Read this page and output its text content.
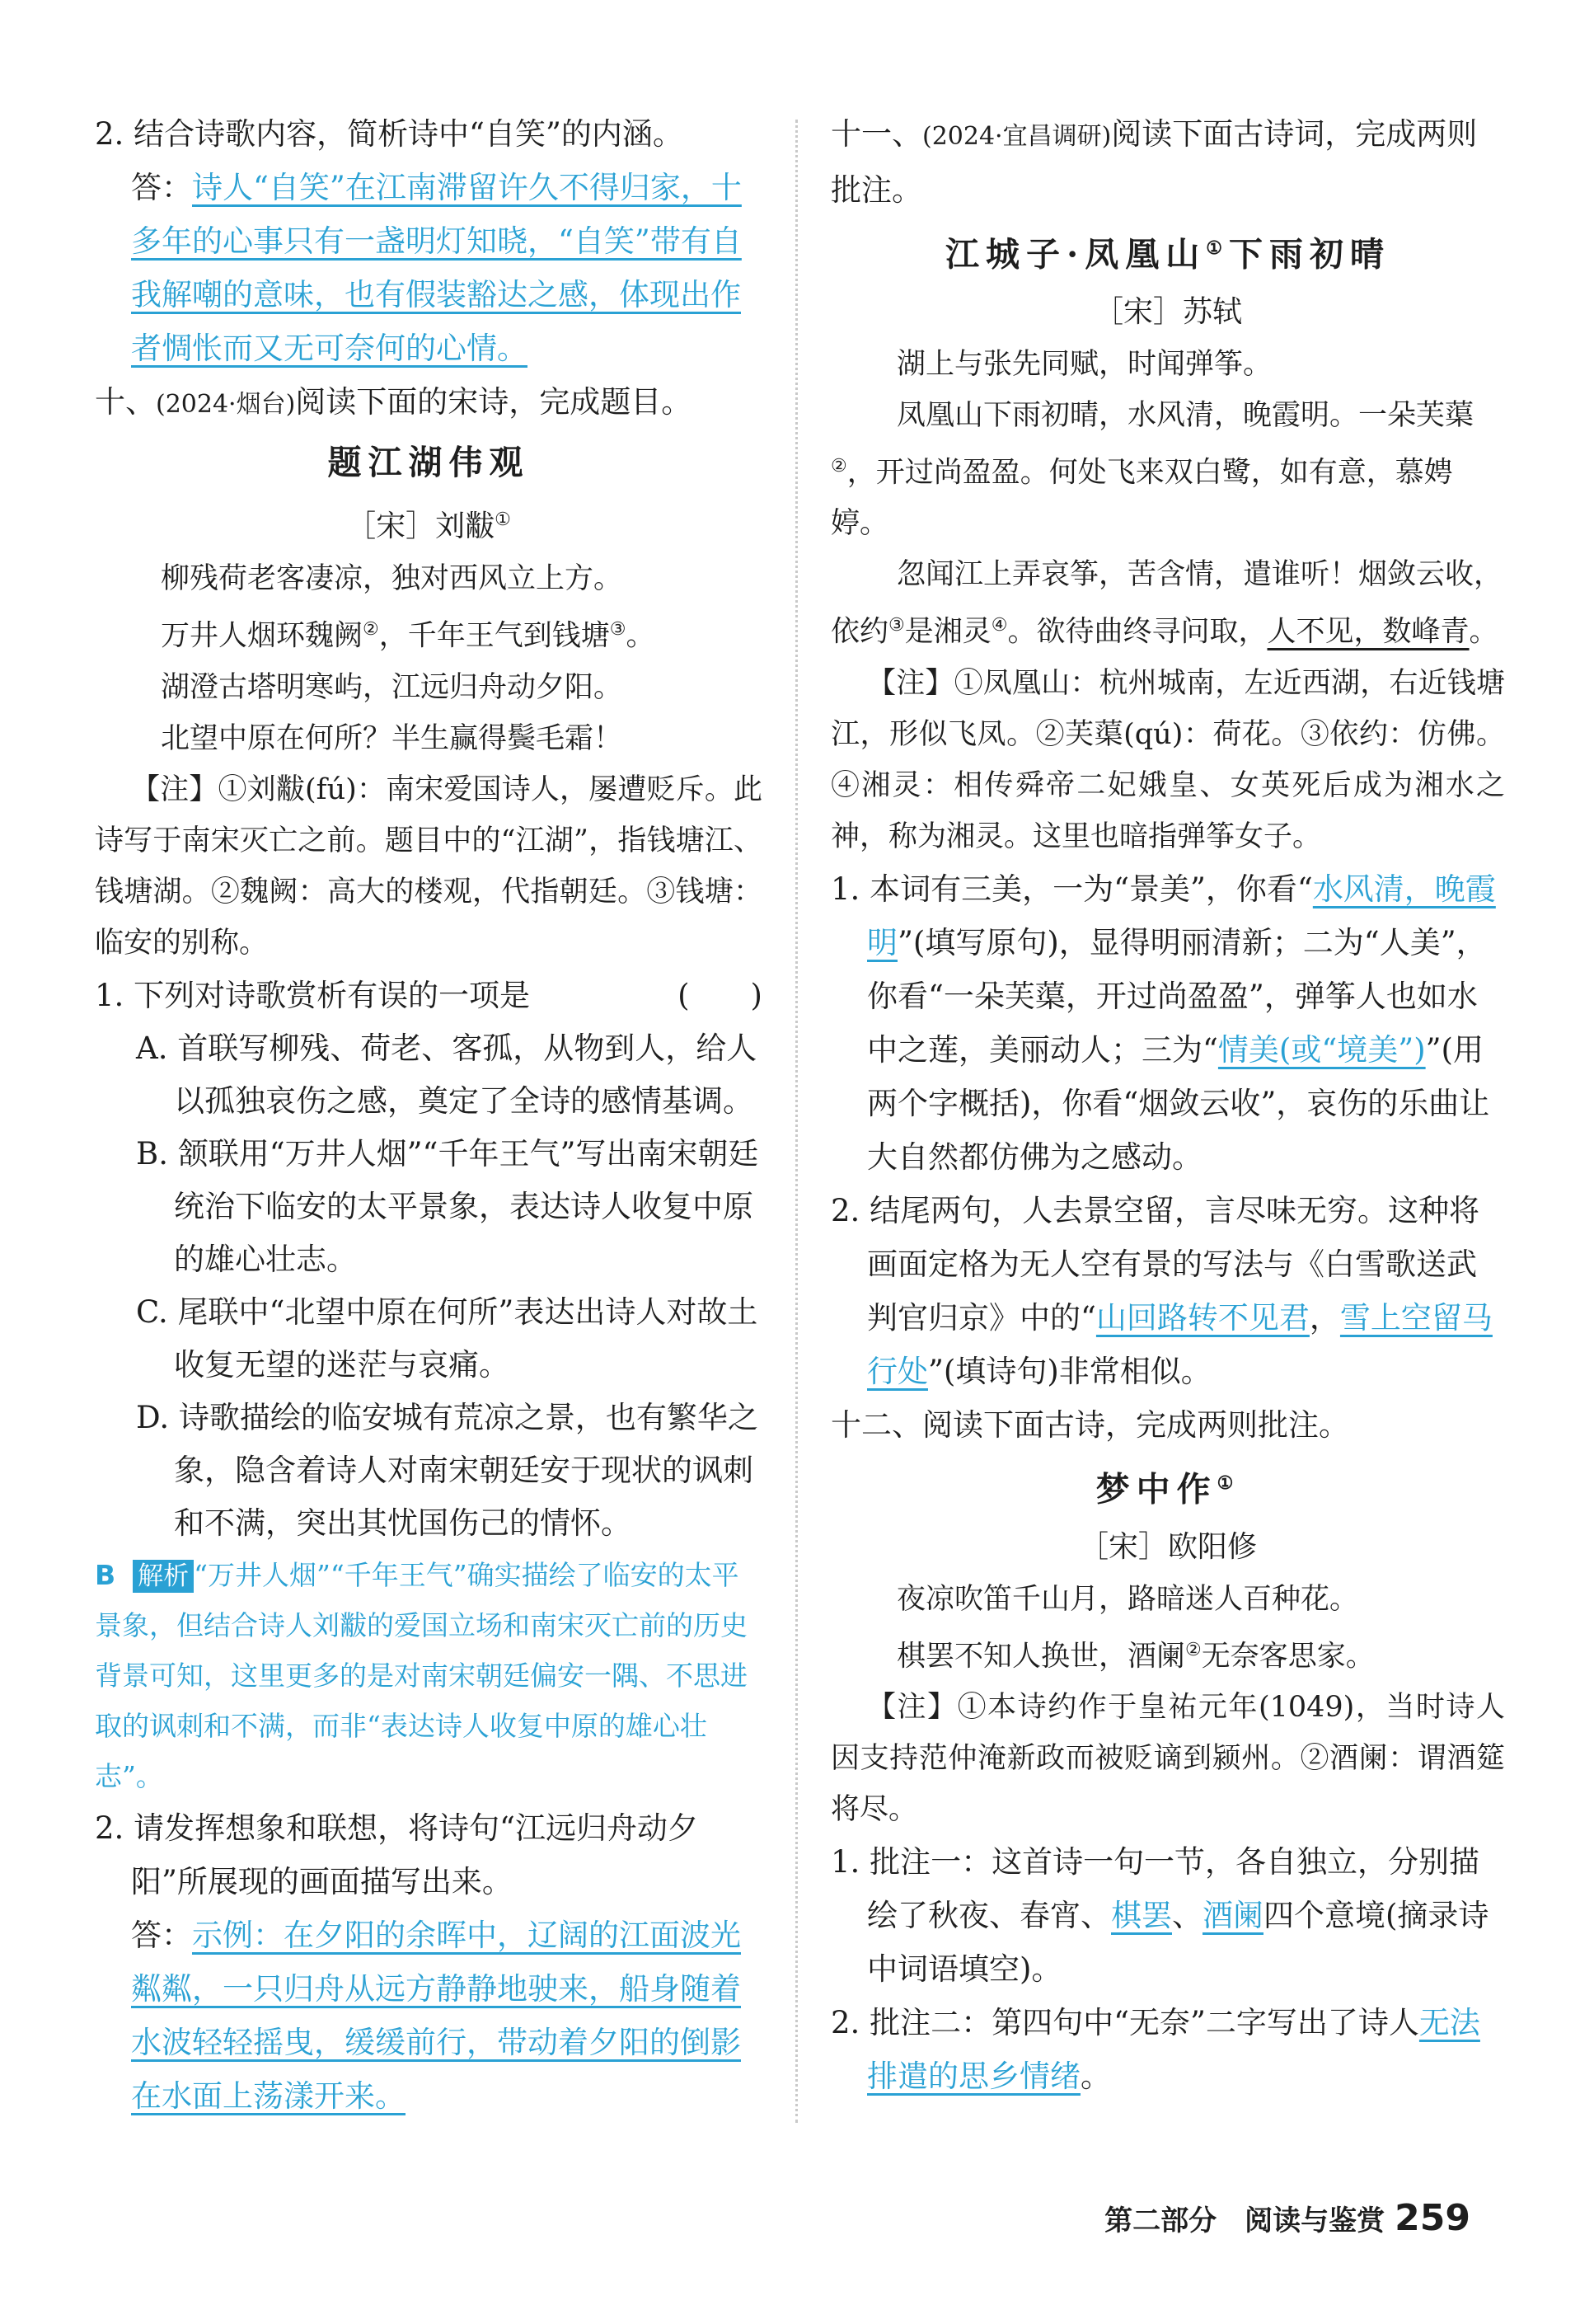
2. 结合诗歌内容，简析诗中“自笑”的内涵。

答：诗人“自笑”在江南滞留许久不得归家，十多年的心事只有一盏明灯知晓，“自笑”带有自我解嘲的意味，也有假装豁达之感，体现出作者惆怅而又无可奈何的心情。

十、(2024·烟台)阅读下面的宋诗，完成题目。

题江湖伟观

［宋］刘黻①

柳残荷老客凄凉，独对西风立上方。

万井人烟环魏阙②，千年王气到钱塘③。

湖澄古塔明寒屿，江远归舟动夕阳。

北望中原在何所？半生赢得鬓毛霜！

【注】①刘黻(fú)：南宋爱国诗人，屡遭贬斥。此诗写于南宋灭亡之前。题目中的“江湖”，指钱塘江、钱塘湖。②魏阙：高大的楼观，代指朝廷。③钱塘：临安的别称。

1. 下列对诗歌赏析有误的一项是	(　　)

A. 首联写柳残、荷老、客孤，从物到人，给人以孤独哀伤之感，奠定了全诗的感情基调。

B. 颔联用“万井人烟”“千年王气”写出南宋朝廷统治下临安的太平景象，表达诗人收复中原的雄心壮志。

C. 尾联中“北望中原在何所”表达出诗人对故土收复无望的迷茫与哀痛。

D. 诗歌描绘的临安城有荒凉之景，也有繁华之象，隐含着诗人对南宋朝廷安于现状的讽刺和不满，突出其忧国伤己的情怀。

B 解析 “万井人烟”“千年王气”确实描绘了临安的太平景象，但结合诗人刘黻的爱国立场和南宋灭亡前的历史背景可知，这里更多的是对南宋朝廷偏安一隅、不思进取的讽刺和不满，而非“表达诗人收复中原的雄心壮志”。

2. 请发挥想象和联想，将诗句“江远归舟动夕阳”所展现的画面描写出来。

答：示例：在夕阳的余晖中，辽阔的江面波光粼粼，一只归舟从远方静静地驶来，船身随着水波轻轻摇曳，缓缓前行，带动着夕阳的倒影在水面上荡漾开来。

十一、(2024·宜昌调研)阅读下面古诗词，完成两则批注。

江城子·凤凰山①下雨初晴

［宋］苏轼

湖上与张先同赋，时闻弹筝。

凤凰山下雨初晴，水风清，晚霞明。一朵芙蕖②，开过尚盈盈。何处飞来双白鹭，如有意，慕娉婷。

忽闻江上弄哀筝，苦含情，遣谁听！烟敛云收，依约③是湘灵④。欲待曲终寻问取，人不见，数峰青。

【注】①凤凰山：杭州城南，左近西湖，右近钱塘江，形似飞凤。②芙蕖(qú)：荷花。③依约：仿佛。④湘灵：相传舜帝二妃娥皇、女英死后成为湘水之神，称为湘灵。这里也暗指弹筝女子。

1. 本词有三美，一为“景美”，你看“水风清，晚霞明”(填写原句)，显得明丽清新；二为“人美”，你看“一朵芙蕖，开过尚盈盈”，弹筝人也如水中之莲，美丽动人；三为“情美(或“境美”)”(用两个字概括)，你看“烟敛云收”，哀伤的乐曲让大自然都仿佛为之感动。

2. 结尾两句，人去景空留，言尽味无穷。这种将画面定格为无人空有景的写法与《白雪歌送武判官归京》中的“山回路转不见君，雪上空留马行处”(填诗句)非常相似。

十二、阅读下面古诗，完成两则批注。

梦中作①

［宋］欧阳修

夜凉吹笛千山月，路暗迷人百种花。

棋罢不知人换世，酒阑②无奈客思家。

【注】①本诗约作于皇祐元年(1049)，当时诗人因支持范仲淹新政而被贬谪到颍州。②酒阑：谓酒筵将尽。

1. 批注一：这首诗一句一节，各自独立，分别描绘了秋夜、春宵、棋罢、酒阑四个意境(摘录诗中词语填空)。

2. 批注二：第四句中“无奈”二字写出了诗人无法排遣的思乡情绪。

第二部分　阅读与鉴赏 259
